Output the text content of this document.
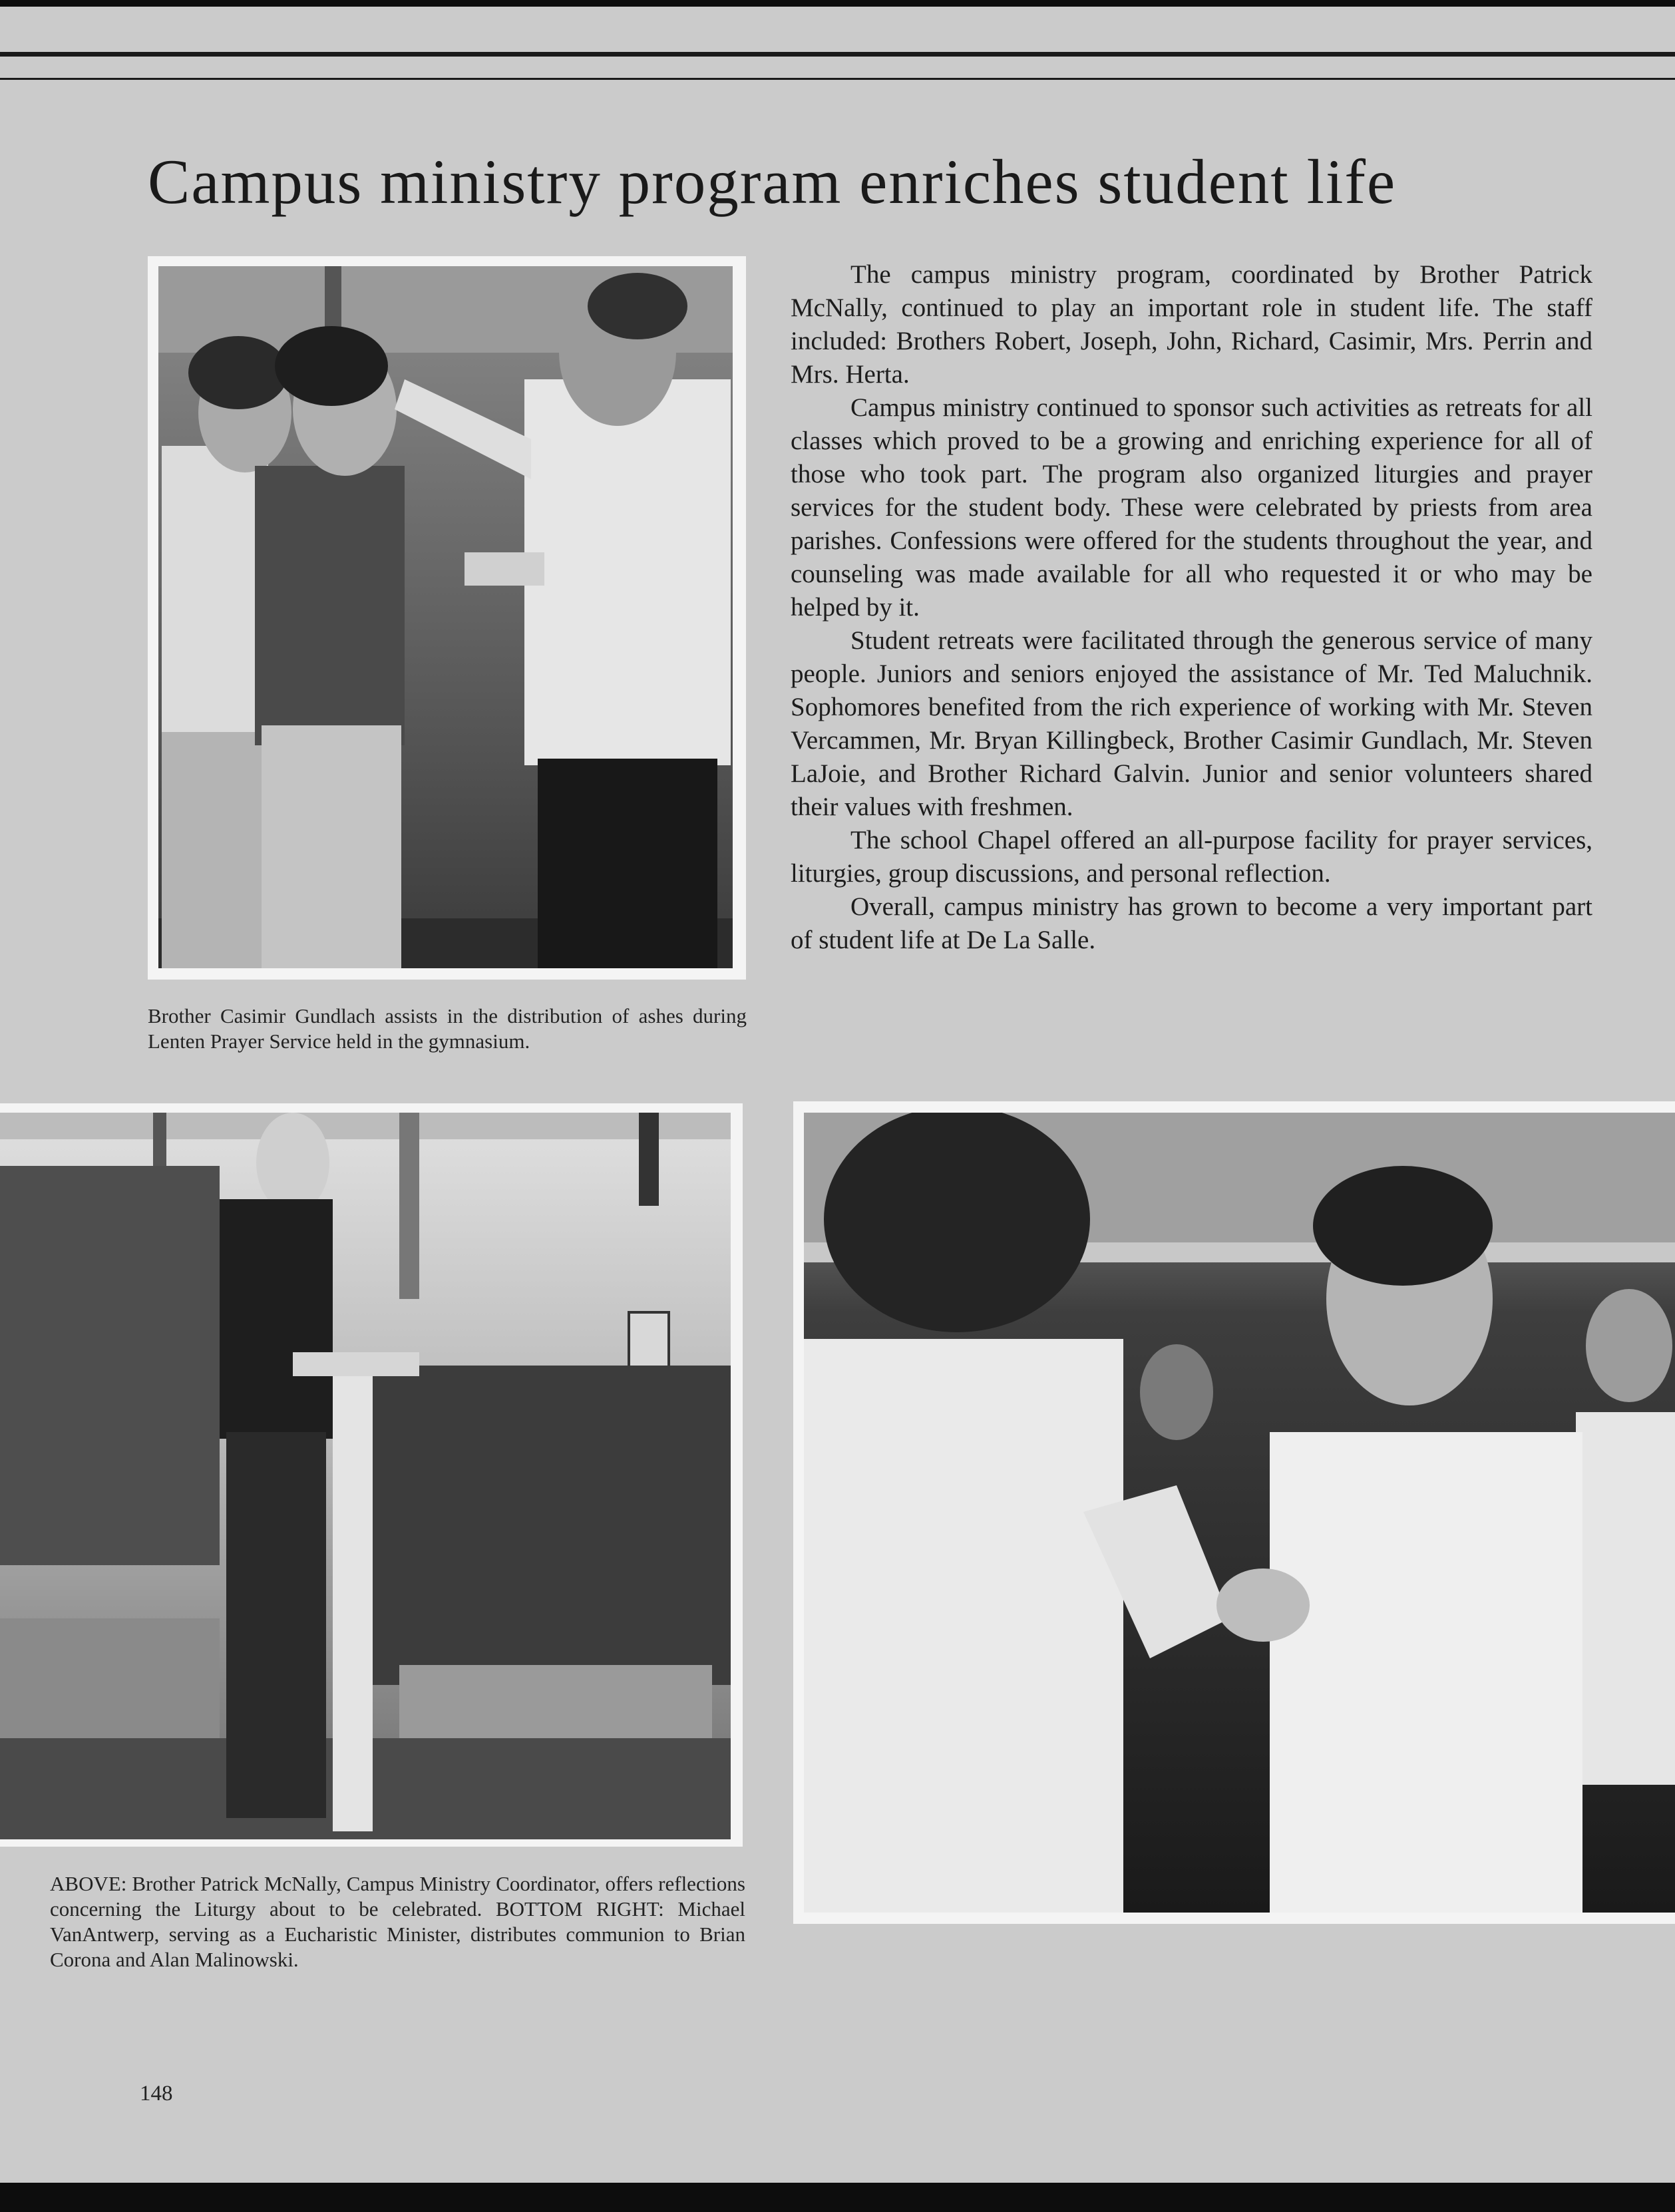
Campus ministry program enriches student life

Brother Casimir Gundlach assists in the distribution of ashes during Lenten Prayer Service held in the gymnasium.

The campus ministry program, coordinated by Brother Patrick McNally, continued to play an important role in student life. The staff included: Brothers Robert, Joseph, John, Richard, Casimir, Mrs. Perrin and Mrs. Herta.

Campus ministry continued to sponsor such activities as retreats for all classes which proved to be a growing and enriching experience for all of those who took part. The program also organized liturgies and prayer services for the student body. These were celebrated by priests from area parishes. Confessions were offered for the students throughout the year, and counseling was made available for all who requested it or who may be helped by it.

Student retreats were facilitated through the generous service of many people. Juniors and seniors enjoyed the assistance of Mr. Ted Maluchnik. Sophomores benefited from the rich experience of working with Mr. Steven Vercammen, Mr. Bryan Killingbeck, Brother Casimir Gundlach, Mr. Steven LaJoie, and Brother Richard Galvin. Junior and senior volunteers shared their values with freshmen.

The school Chapel offered an all-purpose facility for prayer services, liturgies, group discussions, and personal reflection.

Overall, campus ministry has grown to become a very important part of student life at De La Salle.

ABOVE: Brother Patrick McNally, Campus Ministry Coordinator, offers reflections concerning the Liturgy about to be celebrated. BOTTOM RIGHT: Michael VanAntwerp, serving as a Eucharistic Minister, distributes communion to Brian Corona and Alan Malinowski.

148
